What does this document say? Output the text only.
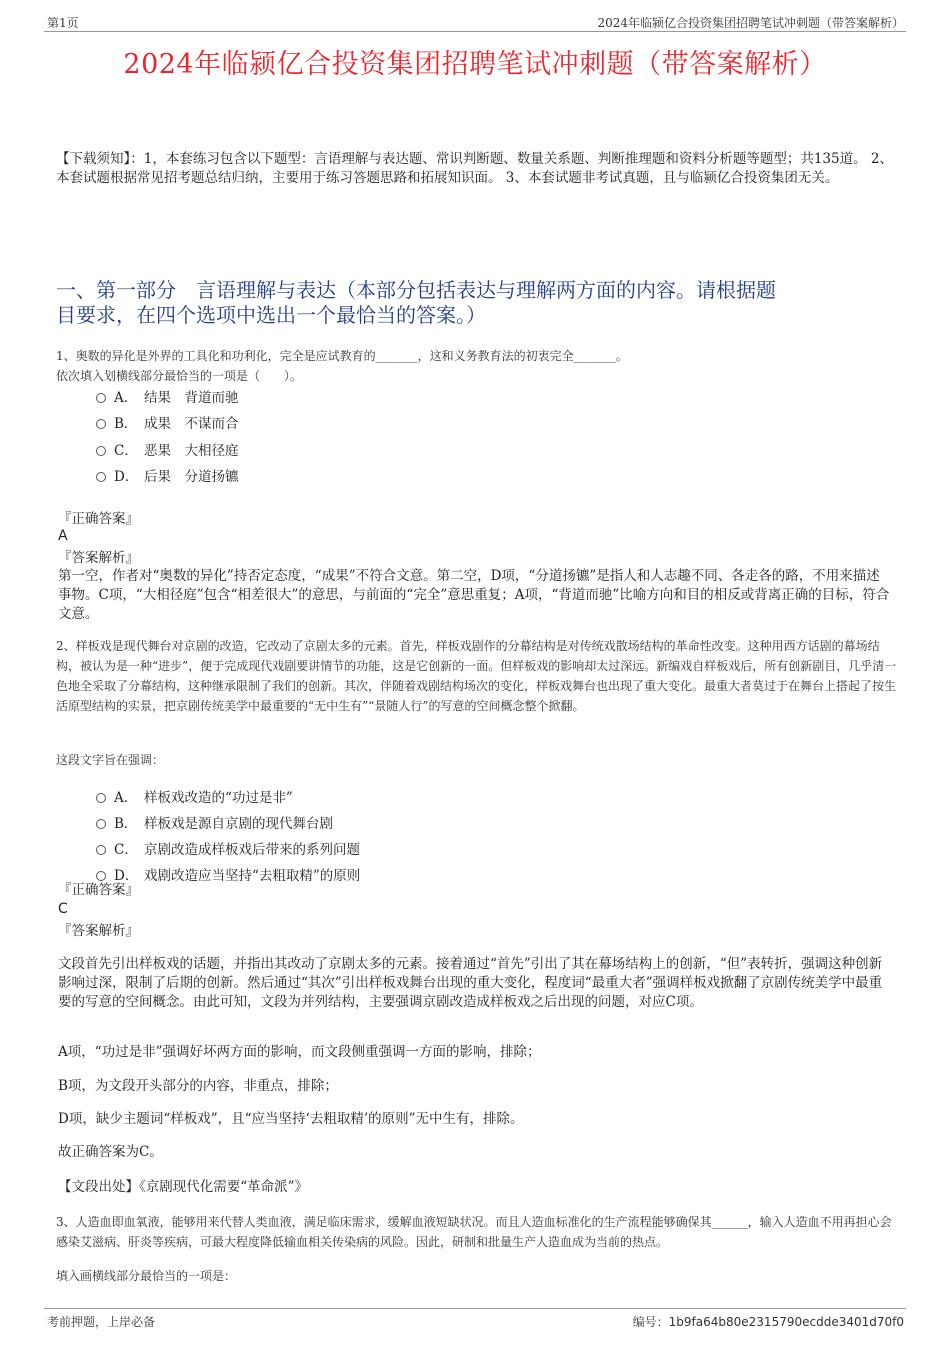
第1页	2024年临颍亿合投资集团招聘笔试冲刺题（带答案解析）
2024年临颍亿合投资集团招聘笔试冲刺题（带答案解析）
【下载须知】：1，本套练习包含以下题型：言语理解与表达题、常识判断题、数量关系题、判断推理题和资料分析题等题型；共135道。 2、本套试题根据常见招考题总结归纳，主要用于练习答题思路和拓展知识面。 3、本套试题非考试真题，且与临颍亿合投资集团无关。
一、第一部分　言语理解与表达（本部分包括表达与理解两方面的内容。请根据题
目要求，在四个选项中选出一个最恰当的答案。）
1、奥数的异化是外界的工具化和功利化，完全是应试教育的_______，这和义务教育法的初衷完全_______。
依次填入划横线部分最恰当的一项是（　　）。
A． 结果　背道而驰
B． 成果　不谋而合
C． 恶果　大相径庭
D． 后果　分道扬镳
『正确答案』
A
『答案解析』
第一空，作者对“奥数的异化”持否定态度，“成果”不符合文意。第二空，D项，“分道扬镳”是指人和人志趣不同、各走各的路，不用来描述事物。C项，“大相径庭”包含“相差很大”的意思，与前面的“完全”意思重复；A项，“背道而驰”比喻方向和目的相反或背离正确的目标，符合文意。
2、样板戏是现代舞台对京剧的改造，它改动了京剧太多的元素。首先，样板戏剧作的分幕结构是对传统戏散场结构的革命性改变。这种用西方话剧的幕场结构，被认为是一种“进步”，便于完成现代戏剧要讲情节的功能，这是它创新的一面。但样板戏的影响却太过深远。新编戏自样板戏后，所有创新剧目，几乎清一色地全采取了分幕结构，这种继承限制了我们的创新。其次，伴随着戏剧结构场次的变化，样板戏舞台也出现了重大变化。最重大者莫过于在舞台上搭起了按生活原型结构的实景，把京剧传统美学中最重要的“无中生有”“景随人行”的写意的空间概念整个掀翻。
这段文字旨在强调：
A． 样板戏改造的“功过是非”
B． 样板戏是源自京剧的现代舞台剧
C． 京剧改造成样板戏后带来的系列问题
D． 戏剧改造应当坚持“去粗取精”的原则
『正确答案』
C
『答案解析』
文段首先引出样板戏的话题，并指出其改动了京剧太多的元素。接着通过“首先”引出了其在幕场结构上的创新，“但”表转折，强调这种创新影响过深，限制了后期的创新。然后通过“其次”引出样板戏舞台出现的重大变化，程度词“最重大者”强调样板戏掀翻了京剧传统美学中最重要的写意的空间概念。由此可知，文段为并列结构，主要强调京剧改造成样板戏之后出现的问题，对应C项。
A项，“功过是非”强调好坏两方面的影响，而文段侧重强调一方面的影响，排除；
B项，为文段开头部分的内容，非重点，排除；
D项，缺少主题词“样板戏”，且“应当坚持‘去粗取精’的原则”无中生有，排除。
故正确答案为C。
【文段出处】《京剧现代化需要“革命派”》
3、人造血即血氧液，能够用来代替人类血液，满足临床需求，缓解血液短缺状况。而且人造血标准化的生产流程能够确保其______，输入人造血不用再担心会感染艾滋病、肝炎等疾病，可最大程度降低输血相关传染病的风险。因此，研制和批量生产人造血成为当前的热点。
填入画横线部分最恰当的一项是：
考前押题，上岸必备	编号：1b9fa64b80e2315790ecdde3401d70f0
